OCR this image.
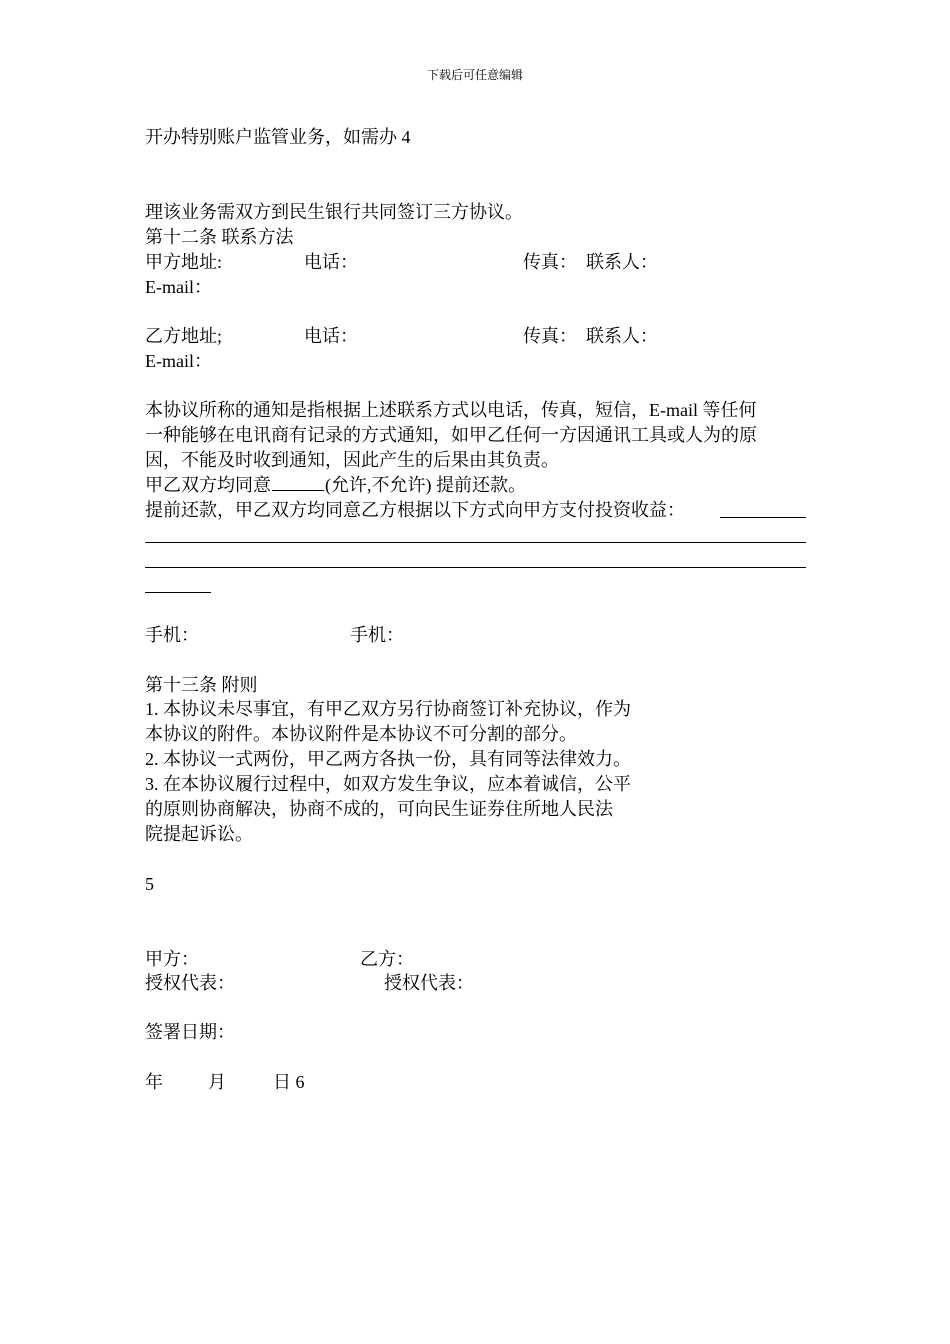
下载后可任意编辑
开办特别账户监管业务，如需办 4
理该业务需双方到民生银行共同签订三方协议。
第十二条 联系方法
甲方地址:	电话：	传真： 联系人：
E-mail：
乙方地址;	电话：	传真： 联系人：
E-mail：
本协议所称的通知是指根据上述联系方式以电话，传真，短信，E-mail 等任何
一种能够在电讯商有记录的方式通知，如甲乙任何一方因通讯工具或人为的原
因，不能及时收到通知，因此产生的后果由其负责。
甲乙双方均同意	(允许,不允许) 提前还款。
提前还款，甲乙双方均同意乙方根据以下方式向甲方支付投资收益：
手机：	手机：
第十三条 附则
1. 本协议未尽事宜，有甲乙双方另行协商签订补充协议，作为
本协议的附件。本协议附件是本协议不可分割的部分。
2. 本协议一式两份，甲乙两方各执一份，具有同等法律效力。
3. 在本协议履行过程中，如双方发生争议，应本着诚信，公平
的原则协商解决，协商不成的，可向民生证券住所地人民法
院提起诉讼。
5
甲方：	乙方：
授权代表：	授权代表：
签署日期：
年	月	日 6
